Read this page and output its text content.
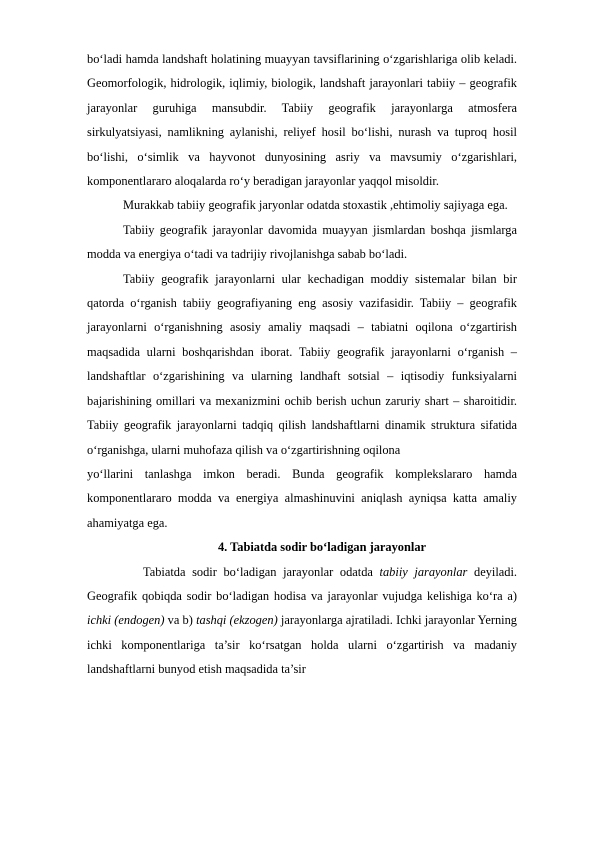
bo‘ladi hamda landshaft holatining muayyan tavsiflarining o‘zgarishlariga olib keladi. Geomorfologik, hidrologik, iqlimiy, biologik, landshaft jarayonlari tabiiy – geografik jarayonlar guruhiga mansubdir. Tabiiy geografik jarayonlarga atmosfera sirkulyatsiyasi, namlikning aylanishi, reliyef hosil bo‘lishi, nurash va tuproq hosil bo‘lishi, o‘simlik va hayvonot dunyosining asriy va mavsumiy o‘zgarishlari, komponentlararo aloqalarda ro‘y beradigan jarayonlar yaqqol misoldir.

Murakkab tabiiy geografik jaryonlar odatda stoxastik ,ehtimoliy sajiyaga ega.

Tabiiy geografik jarayonlar davomida muayyan jismlardan boshqa jismlarga modda va energiya o‘tadi va tadrijiy rivojlanishga sabab bo‘ladi.

Tabiiy geografik jarayonlarni ular kechadigan moddiy sistemalar bilan bir qatorda o‘rganish tabiiy geografiyaning eng asosiy vazifasidir. Tabiiy – geografik jarayonlarni o‘rganishning asosiy amaliy maqsadi – tabiatni oqilona o‘zgartirish maqsadida ularni boshqarishdan iborat. Tabiiy geografik jarayonlarni o‘rganish – landshaftlar o‘zgarishining va ularning landhaft sotsial – iqtisodiy funksiyalarni bajarishining omillari va mexanizmini ochib berish uchun zaruriy shart – sharoitidir. Tabiiy geografik jarayonlarni tadqiq qilish landshaftlarni dinamik struktura sifatida o‘rganishga, ularni muhofaza qilish va o‘zgartirishning oqilona

yo‘llarini tanlashga imkon beradi. Bunda geografik komplekslararo hamda komponentlararo modda va energiya almashinuvini aniqlash ayniqsa katta amaliy ahamiyatga ega.

4. Tabiatda sodir bo‘ladigan jarayonlar

Tabiatda sodir bo‘ladigan jarayonlar odatda tabiiy jarayonlar deyiladi. Geografik qobiqda sodir bo‘ladigan hodisa va jarayonlar vujudga kelishiga ko‘ra a) ichki (endogen) va b) tashqi (ekzogen) jarayonlarga ajratiladi. Ichki jarayonlar Yerning ichki komponentlariga ta’sir ko‘rsatgan holda ularni o‘zgartirish va madaniy landshaftlarni bunyod etish maqsadida ta’sir
